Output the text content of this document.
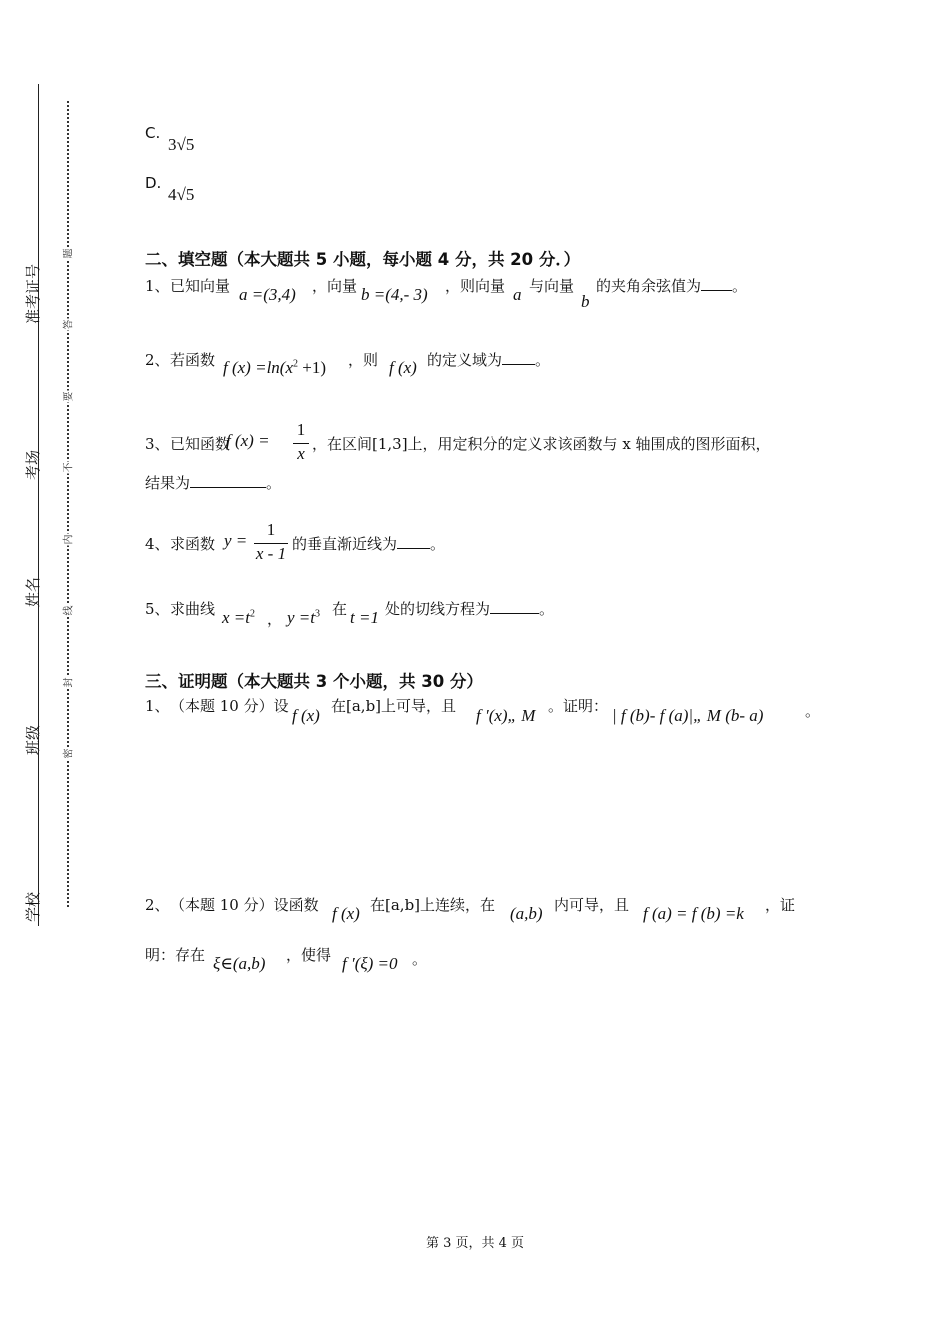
准考证号
考场
姓名
班级
学校
题
答
要
不
内
线
封
密
C.
3√5
D.
4√5
二、填空题（本大题共 5 小题，每小题 4 分，共 20 分．）
1、 已知向量 a =(3,4) ，向量 b =(4,- 3) ，则向量 a 与向量
b
的夹角余弦值为 。
2、 若函数 f $(x) =\ln(x^2 +1)$ ，则 f (x) 的定义域为 。
3、 已知函数
f (x) =
1
x ，在区间[1,3]上，用定积分的定义求该函数与 x 轴围成的图形面积，
结果为	。
4、 求函数 y =
1
x - 1 的垂直渐近线为 。
5、 求曲线 $x =t^2$ ， $y =t^3$ 在 t =1 处的切线方程为	。
三、证明题（本大题共 3 个小题，共 30 分）
1、 （本题 10 分）设 f (x) 在[a,b]上可导，且 f ′(x)„ M 。证明： | f (b)- f (a)|„ M (b- a)	。
2、 （本题 10 分）设函数 f (x) 在[a,b]上连续，在 (a,b) 内可导，且 f (a) = f (b) =k ，证
明：存在 ξ∈(a,b) ，使得 f ′(ξ) =0 。
第 3 页，共 4 页
